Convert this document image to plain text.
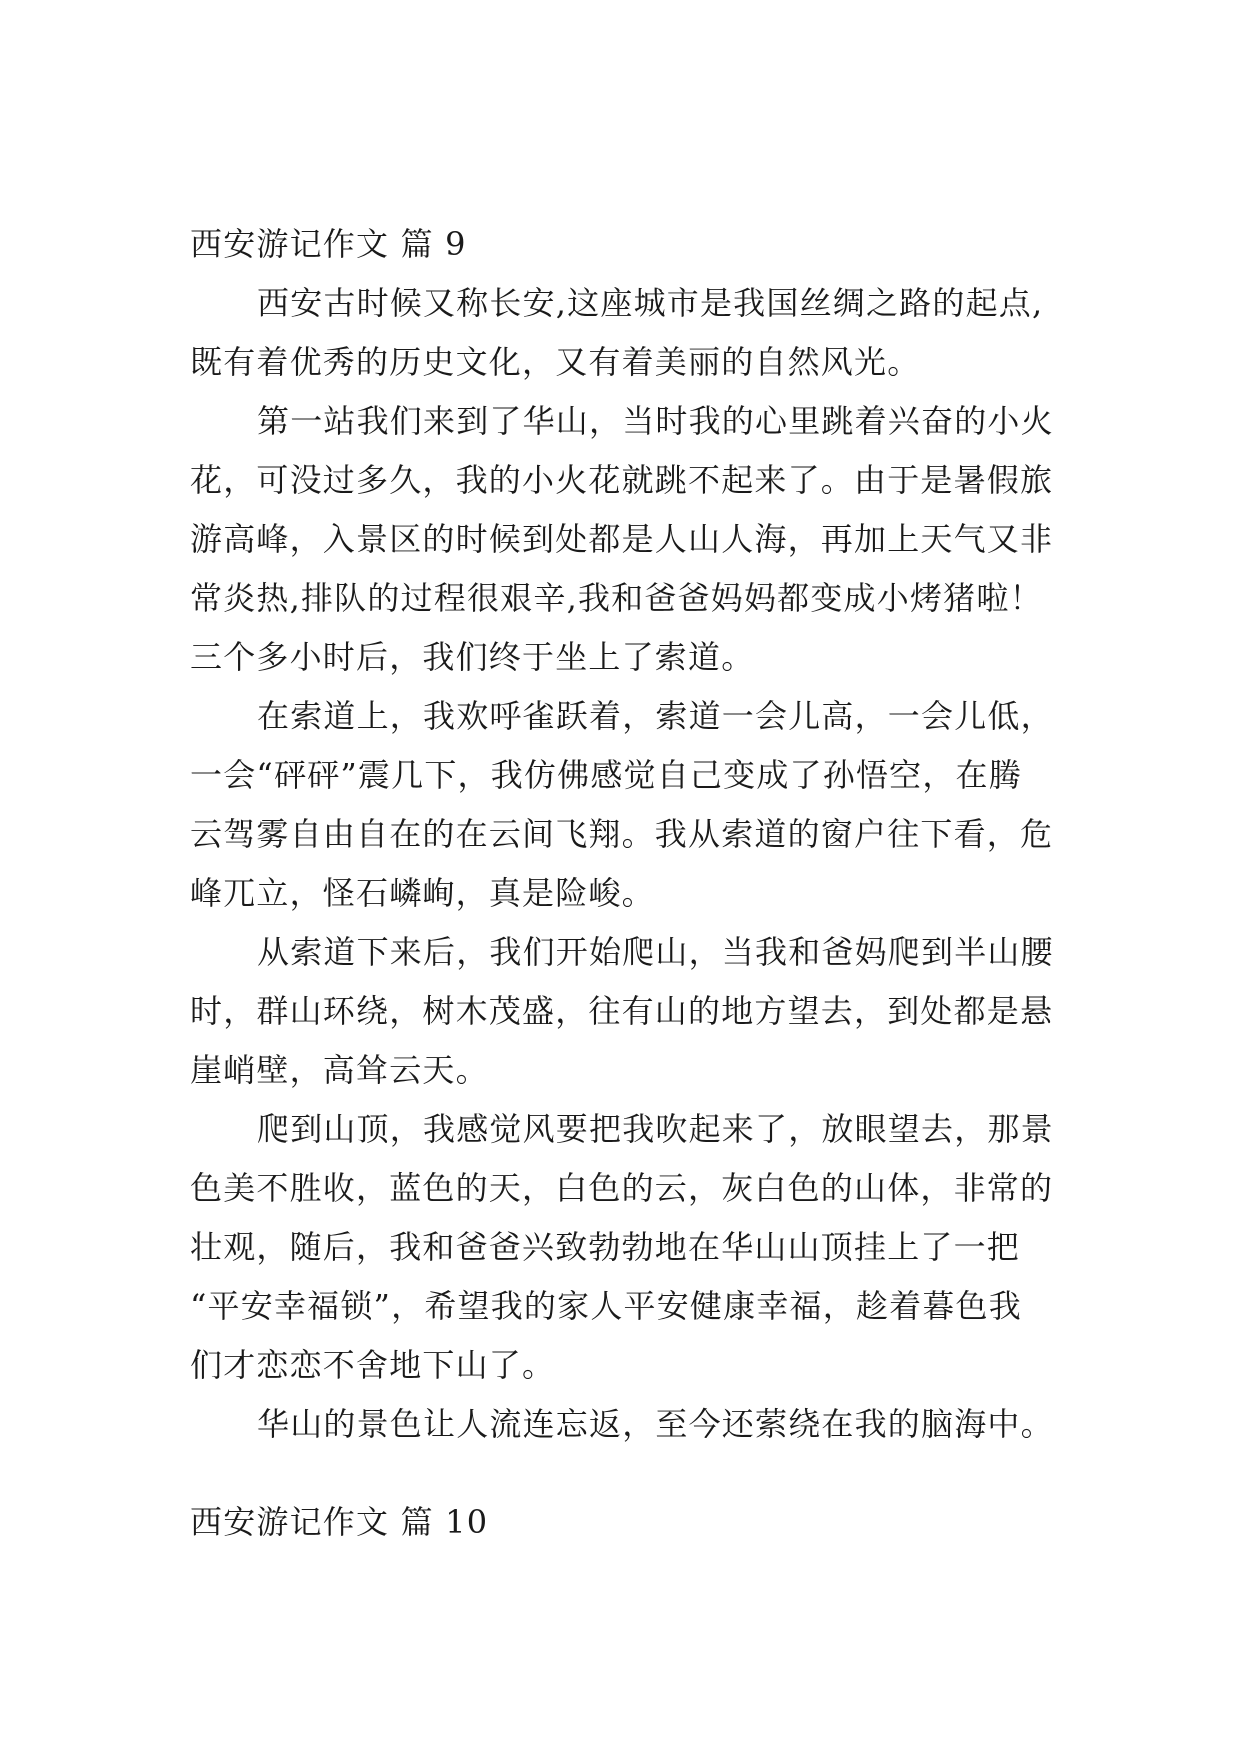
西安游记作文 篇 9

西安古时候又称长安,这座城市是我国丝绸之路的起点,

既有着优秀的历史文化，又有着美丽的自然风光。

第一站我们来到了华山，当时我的心里跳着兴奋的小火

花，可没过多久，我的小火花就跳不起来了。由于是暑假旅

游高峰，入景区的时候到处都是人山人海，再加上天气又非

常炎热,排队的过程很艰辛,我和爸爸妈妈都变成小烤猪啦！

三个多小时后，我们终于坐上了索道。

在索道上，我欢呼雀跃着，索道一会儿高，一会儿低，

一会“砰砰”震几下，我仿佛感觉自己变成了孙悟空，在腾

云驾雾自由自在的在云间飞翔。我从索道的窗户往下看，危

峰兀立，怪石嶙峋，真是险峻。

从索道下来后，我们开始爬山，当我和爸妈爬到半山腰

时，群山环绕，树木茂盛，往有山的地方望去，到处都是悬

崖峭壁，高耸云天。

爬到山顶，我感觉风要把我吹起来了，放眼望去，那景

色美不胜收，蓝色的天，白色的云，灰白色的山体，非常的

壮观，随后，我和爸爸兴致勃勃地在华山山顶挂上了一把

“平安幸福锁”，希望我的家人平安健康幸福，趁着暮色我

们才恋恋不舍地下山了。

华山的景色让人流连忘返，至今还萦绕在我的脑海中。

西安游记作文 篇 10
